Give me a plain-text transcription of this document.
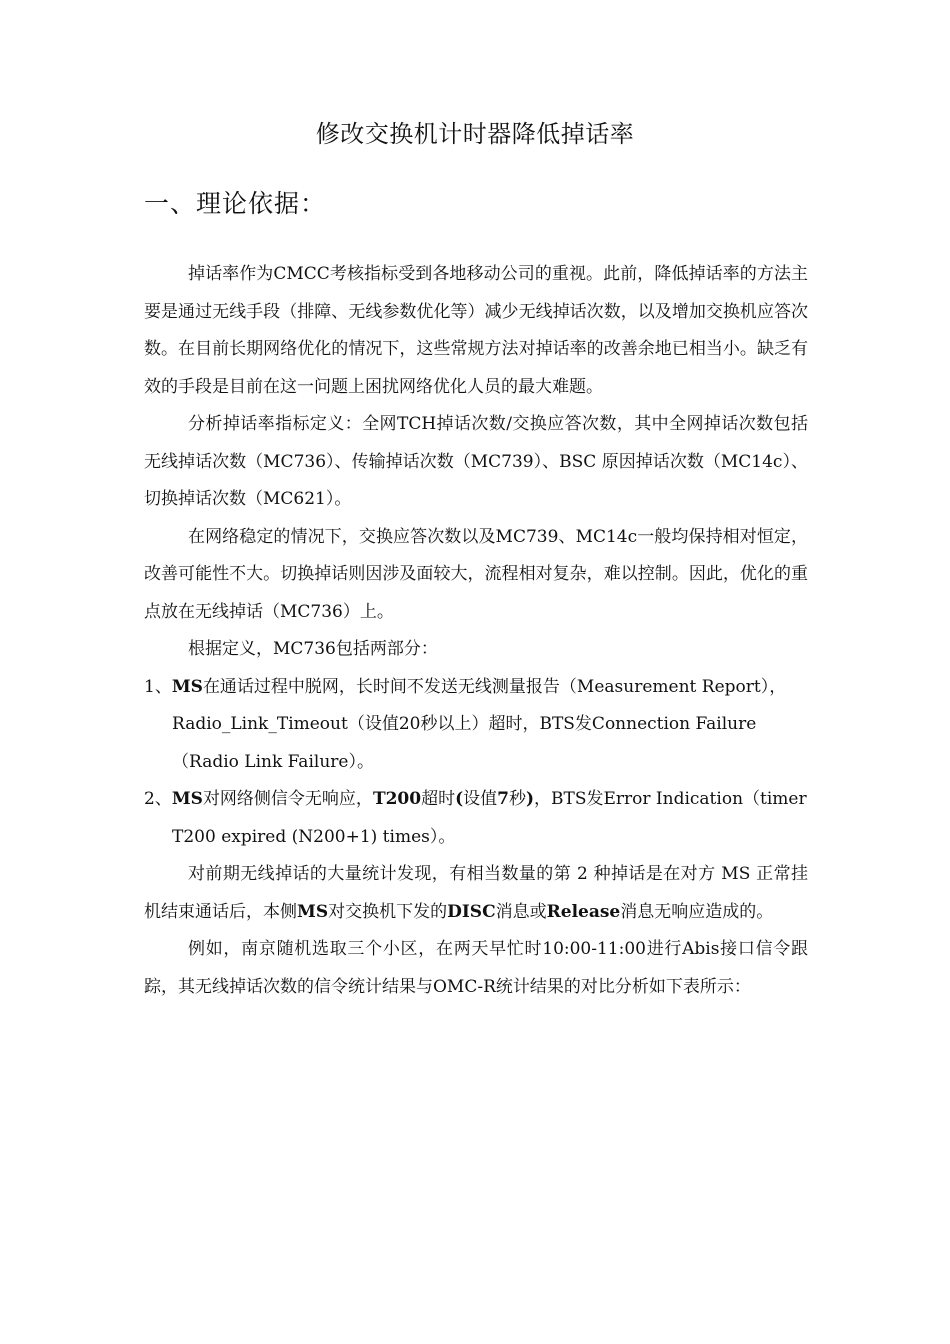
修改交换机计时器降低掉话率
一、理论依据：

掉话率作为CMCC考核指标受到各地移动公司的重视。此前，降低掉话率的方法主要是通过无线手段（排障、无线参数优化等）减少无线掉话次数，以及增加交换机应答次数。在目前长期网络优化的情况下，这些常规方法对掉话率的改善余地已相当小。缺乏有效的手段是目前在这一问题上困扰网络优化人员的最大难题。

分析掉话率指标定义：全网TCH掉话次数/交换应答次数，其中全网掉话次数包括无线掉话次数（MC736）、传输掉话次数（MC739）、BSC 原因掉话次数（MC14c）、切换掉话次数（MC621）。

在网络稳定的情况下，交换应答次数以及MC739、MC14c一般均保持相对恒定，改善可能性不大。切换掉话则因涉及面较大，流程相对复杂，难以控制。因此，优化的重点放在无线掉话（MC736）上。

根据定义，MC736包括两部分：

1、MS在通话过程中脱网，长时间不发送无线测量报告（Measurement Report），Radio_Link_Timeout（设值20秒以上）超时，BTS发Connection Failure（Radio Link Failure）。

2、MS对网络侧信令无响应，T200超时(设值7秒)，BTS发Error Indication（timer T200 expired (N200+1) times）。

对前期无线掉话的大量统计发现，有相当数量的第 2 种掉话是在对方 MS 正常挂机结束通话后，本侧MS对交换机下发的DISC消息或Release消息无响应造成的。

例如，南京随机选取三个小区，在两天早忙时10:00-11:00进行Abis接口信令跟踪，其无线掉话次数的信令统计结果与OMC-R统计结果的对比分析如下表所示：
